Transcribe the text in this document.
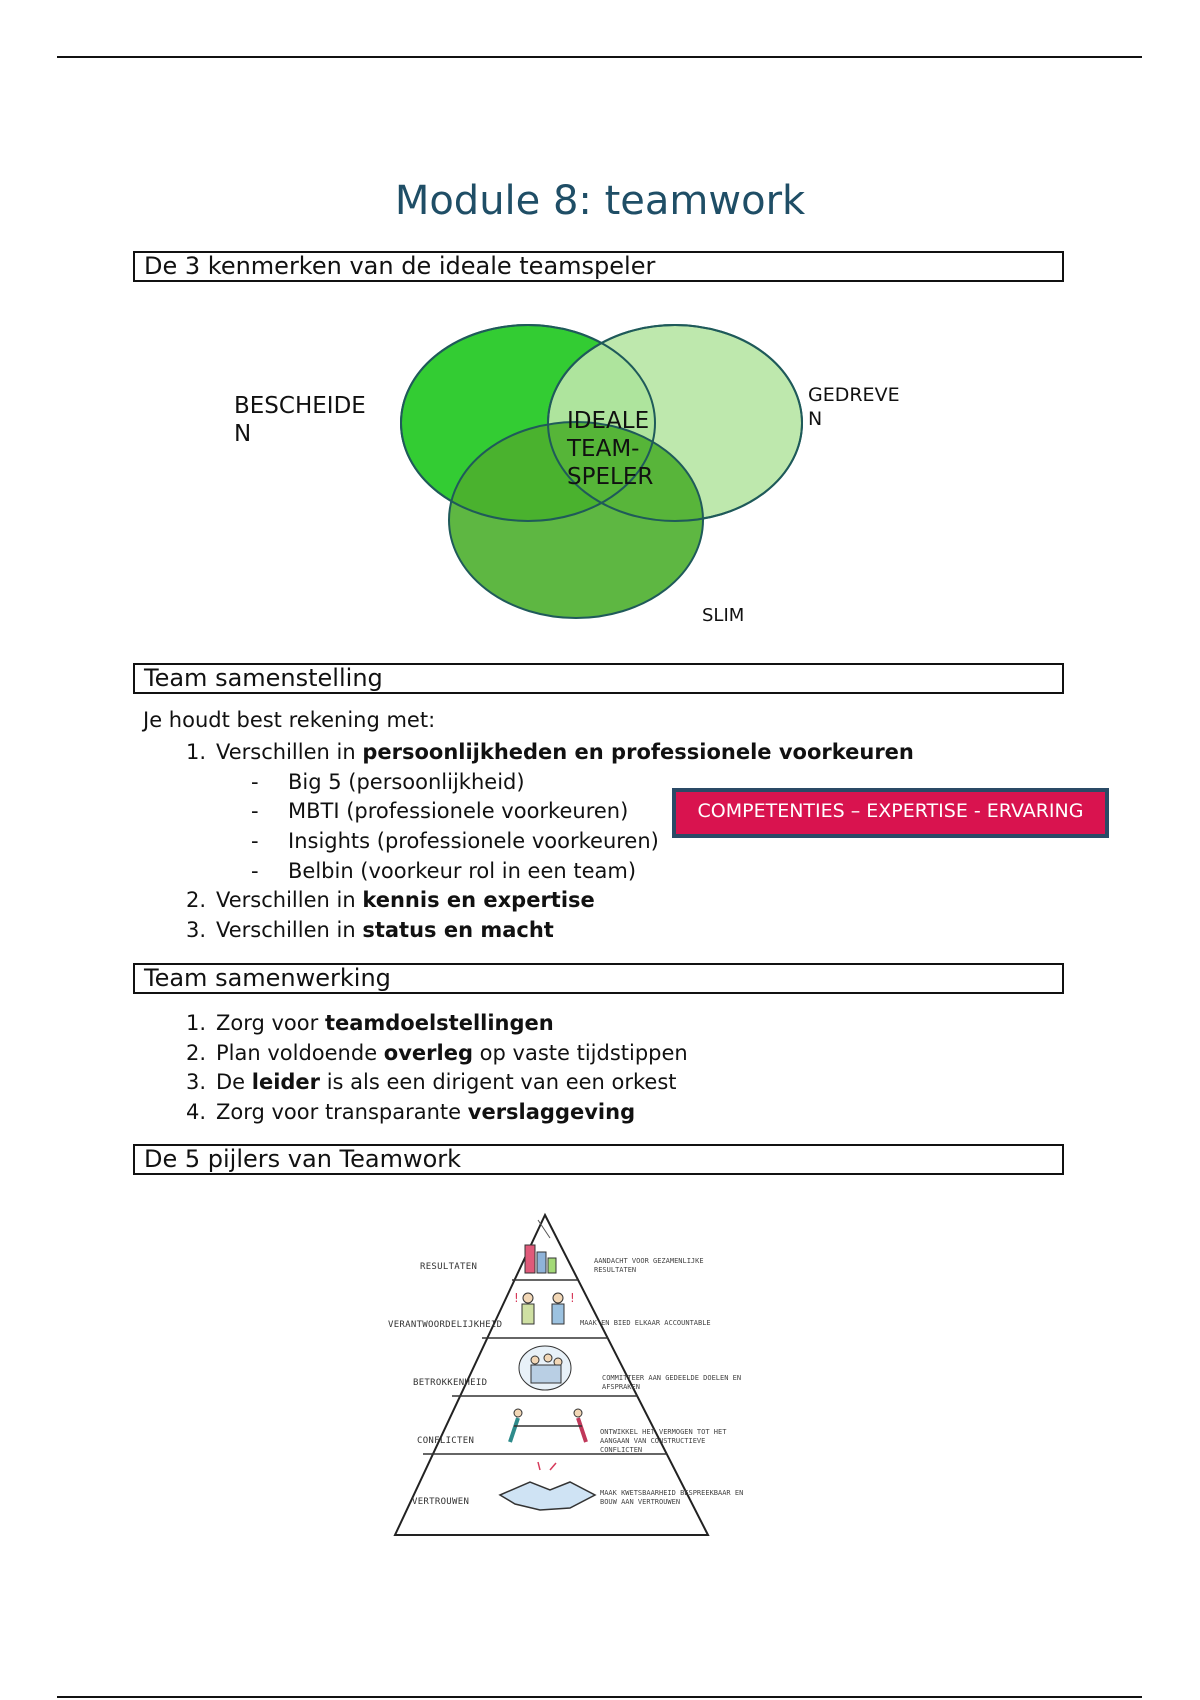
Module 8: teamwork
De 3 kenmerken van de ideale teamspeler
BESCHEIDE N
GEDREVE N
SLIM
IDEALE TEAM- SPELER
Team samenstelling
Je houdt best rekening met:
1. Verschillen in persoonlijkheden en professionele voorkeuren
- Big 5 (persoonlijkheid)
- MBTI (professionele voorkeuren)
- Insights (professionele voorkeuren)
- Belbin (voorkeur rol in een team)
2. Verschillen in kennis en expertise
3. Verschillen in status en macht
COMPETENTIES – EXPERTISE - ERVARING
Team samenwerking
1. Zorg voor teamdoelstellingen
2. Plan voldoende overleg op vaste tijdstippen
3. De leider is als een dirigent van een orkest
4. Zorg voor transparante verslaggeving
De 5 pijlers van Teamwork
!	!
RESULTATEN
VERANTWOORDELIJKHEID
BETROKKENHEID
CONFLICTEN
VERTROUWEN
AANDACHT VOOR GEZAMENLIJKE RESULTATEN
MAAK EN BIED ELKAAR ACCOUNTABLE
COMMITTEER AAN GEDEELDE DOELEN EN AFSPRAKEN
ONTWIKKEL HET VERMOGEN TOT HET AANGAAN VAN CONSTRUCTIEVE CONFLICTEN
MAAK KWETSBAARHEID BESPREEKBAAR EN BOUW AAN VERTROUWEN
